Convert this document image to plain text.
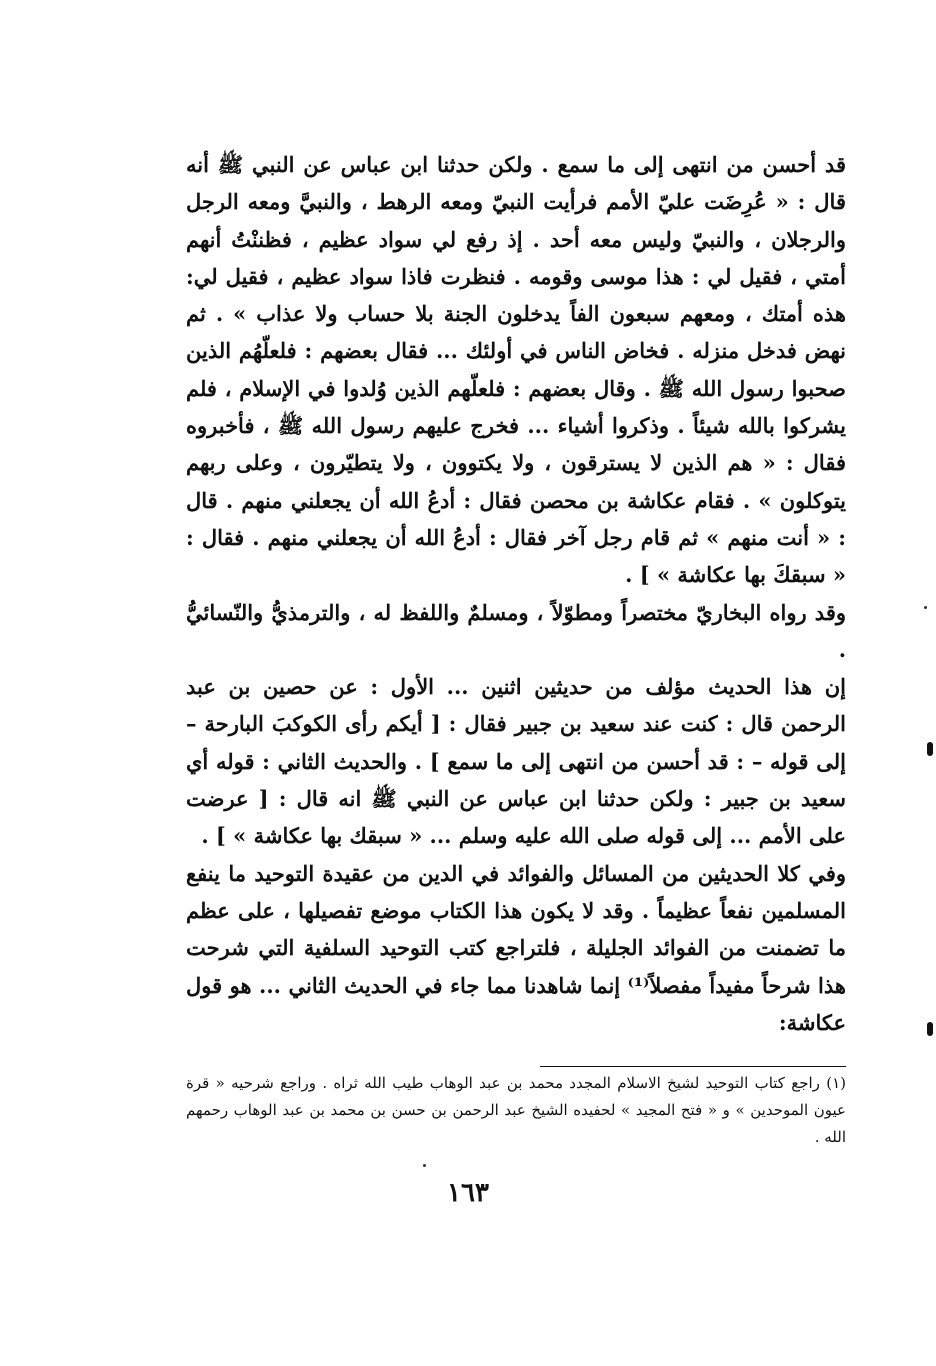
قد أحسن من انتهى إلى ما سمع . ولكن حدثنا ابن عباس عن النبي ﷺ أنه قال : « عُرِضَت عليّ الأمم فرأيت النبيّ ومعه الرهط ، والنبيَّ ومعه الرجل والرجلان ، والنبيّ وليس معه أحد . إذ رفع لي سواد عظيم ، فظننْتُ أنهم أمتي ، فقيل لي : هذا موسى وقومه . فنظرت فاذا سواد عظيم ، فقيل لي: هذه أمتك ، ومعهم سبعون الفاً يدخلون الجنة بلا حساب ولا عذاب » . ثم نهض فدخل منزله . فخاض الناس في أولئك ... فقال بعضهم : فلعلّهُم الذين صحبوا رسول الله ﷺ . وقال بعضهم : فلعلّهم الذين وُلدوا في الإسلام ، فلم يشركوا بالله شيئاً . وذكروا أشياء ... فخرج عليهم رسول الله ﷺ ، فأخبروه فقال : « هم الذين لا يسترقون ، ولا يكتوون ، ولا يتطيّرون ، وعلى ربهم يتوكلون » . فقام عكاشة بن محصن فقال : أدعُ الله أن يجعلني منهم . قال : « أنت منهم » ثم قام رجل آخر فقال : أدعُ الله أن يجعلني منهم . فقال : « سبقكَ بها عكاشة » ] .

وقد رواه البخاريّ مختصراً ومطوّلاً ، ومسلمٌ واللفظ له ، والترمذيُّ والنّسائيُّ .

إن هذا الحديث مؤلف من حديثين اثنين ... الأول : عن حصين بن عبد الرحمن قال : كنت عند سعيد بن جبير فقال : [ أيكم رأى الكوكبَ البارحة – إلى قوله – : قد أحسن من انتهى إلى ما سمع ] . والحديث الثاني : قوله أي سعيد بن جبير : ولكن حدثنا ابن عباس عن النبي ﷺ انه قال : [ عرضت على الأمم ... إلى قوله صلى الله عليه وسلم ... « سبقك بها عكاشة » ] .

وفي كلا الحديثين من المسائل والفوائد في الدين من عقيدة التوحيد ما ينفع المسلمين نفعاً عظيماً . وقد لا يكون هذا الكتاب موضع تفصيلها ، على عظم ما تضمنت من الفوائد الجليلة ، فلتراجع كتب التوحيد السلفية التي شرحت هذا شرحاً مفيداً مفصلاً⁽¹⁾ إنما شاهدنا مما جاء في الحديث الثاني ... هو قول عكاشة:

(١) راجع كتاب التوحيد لشيخ الاسلام المجدد محمد بن عبد الوهاب طيب الله ثراه . وراجع شرحيه « قرة عيون الموحدين » و « فتح المجيد » لحفيده الشيخ عبد الرحمن بن حسن بن محمد بن عبد الوهاب رحمهم الله .
١٦٣
